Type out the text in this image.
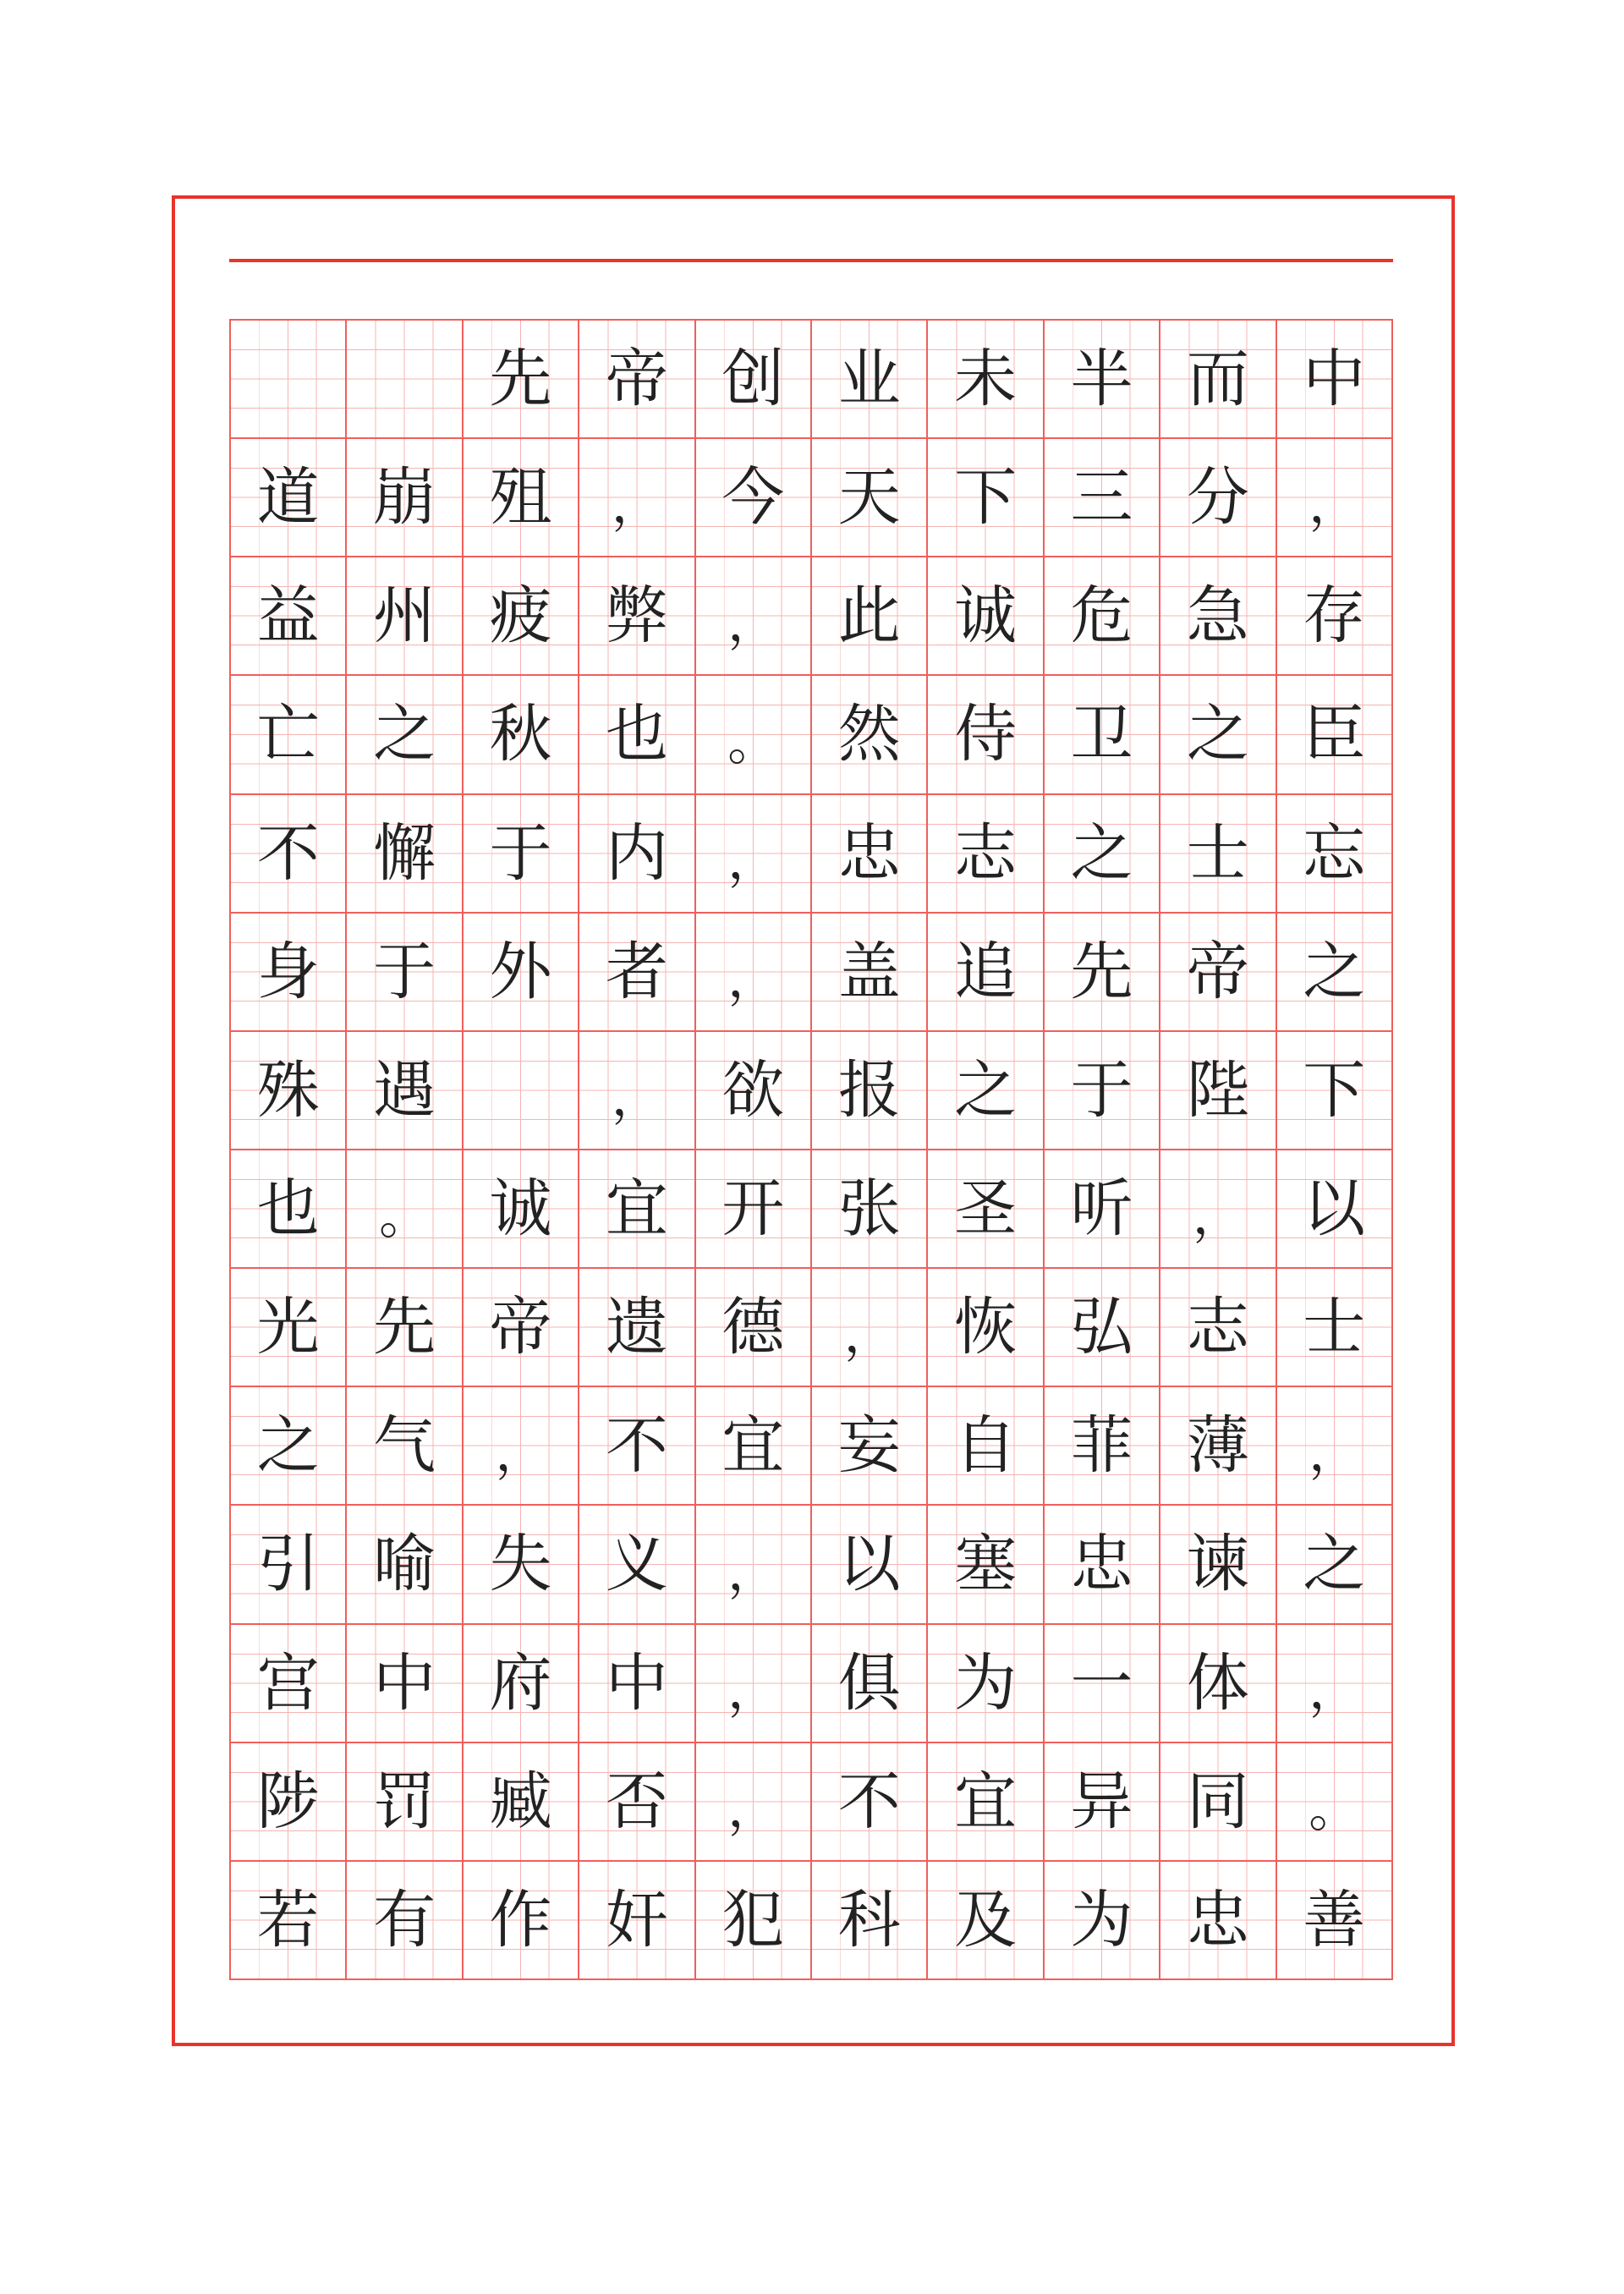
先 帝 创 业 未 半 而 中
道 崩 殂 ， 今 天 下 三 分 ，
益 州 疲 弊 ， 此 诚 危 急 存
亡 之 秋 也 。 然 侍 卫 之 臣
不 懈 于 内 ， 忠 志 之 士 忘
身 于 外 者 ， 盖 追 先 帝 之
殊 遇	， 欲 报 之 于 陛 下
也 。 诚 宜 开 张 圣 听 ， 以
光 先 帝 遗 德 ， 恢 弘 志 士
之 气 ， 不 宜 妄 自 菲 薄 ，
引 喻 失 义 ， 以 塞 忠 谏 之
宫 中 府 中 ， 俱 为 一 体 ，
陟 罚 臧 否 ， 不 宜 异 同 。
若 有 作 奸 犯 科 及 为 忠 善
